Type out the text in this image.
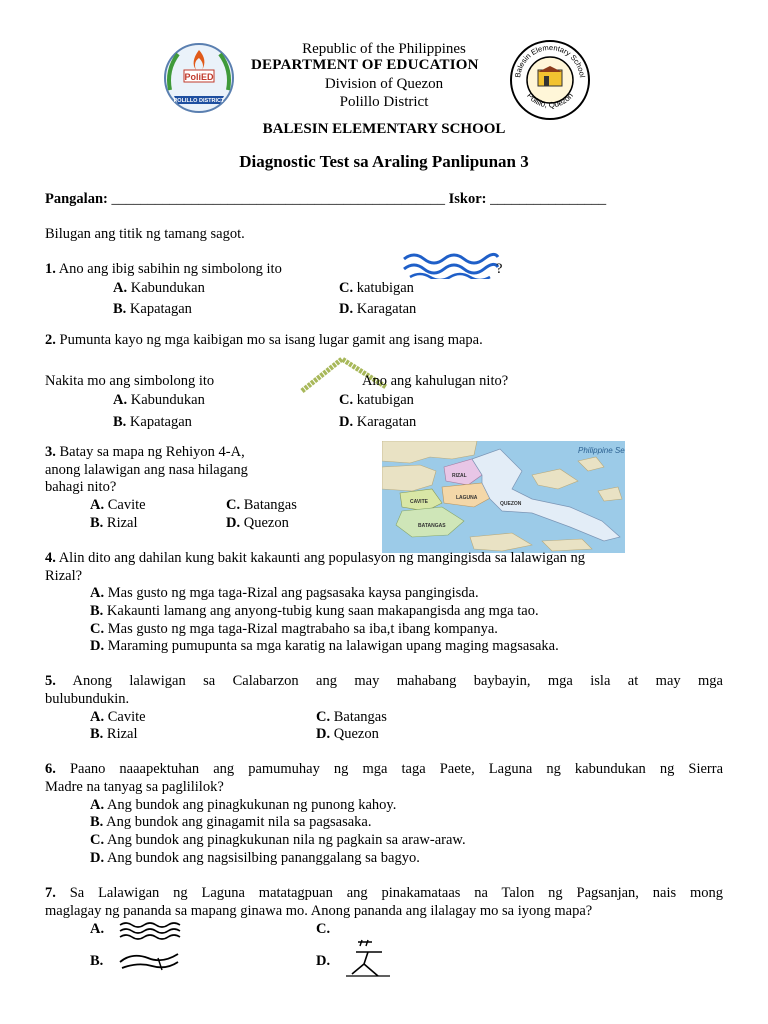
PoliED
POLILLO DISTRICT
Balesin Elementary School
Polillo, Quezon
Republic of the Philippines
DEPARTMENT OF EDUCATION
Division of Quezon
Polillo District
BALESIN ELEMENTARY SCHOOL
Diagnostic Test sa Araling Panlipunan 3
Pangalan: ______________________________________________ Iskor: ________________
Bilugan ang titik ng tamang sagot.
1. Ano ang ibig sabihin ng simbolong ito	?
A. Kabundukan	C. katubigan
B. Kapatagan	D. Karagatan
2. Pumunta kayo ng mga kaibigan mo sa isang lugar gamit ang isang mapa.
Nakita mo ang simbolong ito	Ano ang kahulugan nito?
A. Kabundukan	C. katubigan
B. Kapatagan	D. Karagatan
3. Batay sa mapa ng Rehiyon 4-A,
anong lalawigan ang nasa hilagang
bahagi nito?
A. Cavite	C. Batangas
B. Rizal	D. Quezon
Philippine Sea
RIZAL
CAVITE
LAGUNA
QUEZON
BATANGAS
4. Alin dito ang dahilan kung bakit kakaunti ang populasyon ng mangingisda sa lalawigan ng
Rizal?
A. Mas gusto ng mga taga-Rizal ang pagsasaka kaysa pangingisda.
B. Kakaunti lamang ang anyong-tubig kung saan makapangisda ang mga tao.
C. Mas gusto ng mga taga-Rizal magtrabaho sa iba,t ibang kompanya.
D. Maraming pumupunta sa mga karatig na lalawigan upang maging magsasaka.
5. Anong lalawigan sa Calabarzon ang may mahabang baybayin, mga isla at may mga
bulubundukin.
A. Cavite	C. Batangas
B. Rizal	D. Quezon
6. Paano naaapektuhan ang pamumuhay ng mga taga Paete, Laguna ng kabundukan ng Sierra
Madre na tanyag sa paglililok?
A. Ang bundok ang pinagkukunan ng punong kahoy.
B. Ang bundok ang ginagamit nila sa pagsasaka.
C. Ang bundok ang pinagkukunan nila ng pagkain sa araw-araw.
D. Ang bundok ang nagsisilbing pananggalang sa bagyo.
7. Sa Lalawigan ng Laguna matatagpuan ang pinakamataas na Talon ng Pagsanjan, nais mong
maglagay ng pananda sa mapang ginawa mo. Anong pananda ang ilalagay mo sa iyong mapa?
A.	C.
B.	D.
